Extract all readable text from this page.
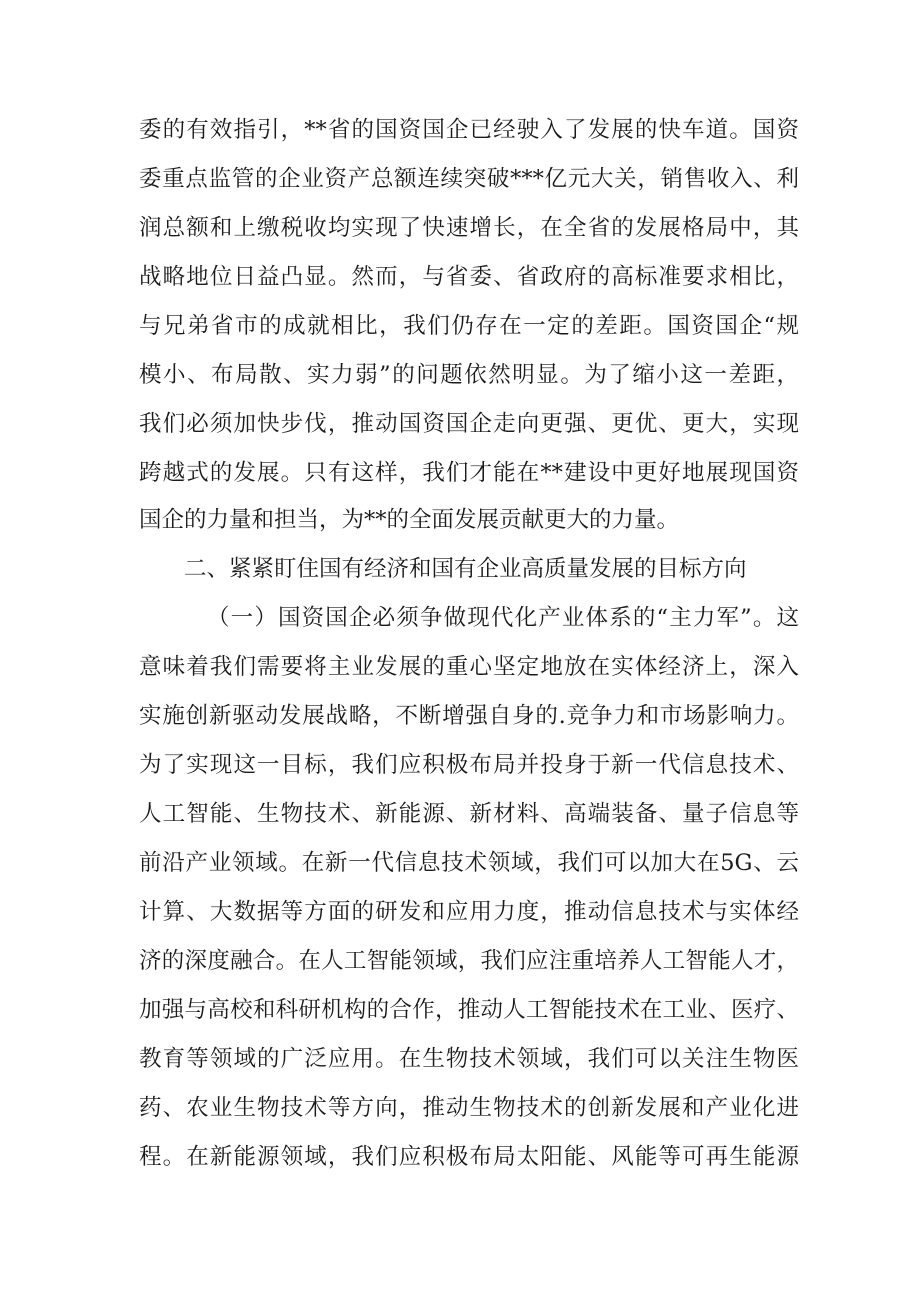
委的有效指引，**省的国资国企已经驶入了发展的快车道。国资
委重点监管的企业资产总额连续突破***亿元大关，销售收入、利
润总额和上缴税收均实现了快速增长，在全省的发展格局中，其
战略地位日益凸显。然而，与省委、省政府的高标准要求相比，
与兄弟省市的成就相比，我们仍存在一定的差距。国资国企“规
模小、布局散、实力弱”的问题依然明显。为了缩小这一差距，
我们必须加快步伐，推动国资国企走向更强、更优、更大，实现
跨越式的发展。只有这样，我们才能在**建设中更好地展现国资
国企的力量和担当，为**的全面发展贡献更大的力量。
二、紧紧盯住国有经济和国有企业高质量发展的目标方向
（一）国资国企必须争做现代化产业体系的“主力军”。这
意味着我们需要将主业发展的重心坚定地放在实体经济上，深入
实施创新驱动发展战略，不断增强自身的.竞争力和市场影响力。
为了实现这一目标，我们应积极布局并投身于新一代信息技术、
人工智能、生物技术、新能源、新材料、高端装备、量子信息等
前沿产业领域。在新一代信息技术领域，我们可以加大在5G、云
计算、大数据等方面的研发和应用力度，推动信息技术与实体经
济的深度融合。在人工智能领域，我们应注重培养人工智能人才，
加强与高校和科研机构的合作，推动人工智能技术在工业、医疗、
教育等领域的广泛应用。在生物技术领域，我们可以关注生物医
药、农业生物技术等方向，推动生物技术的创新发展和产业化进
程。在新能源领域，我们应积极布局太阳能、风能等可再生能源
